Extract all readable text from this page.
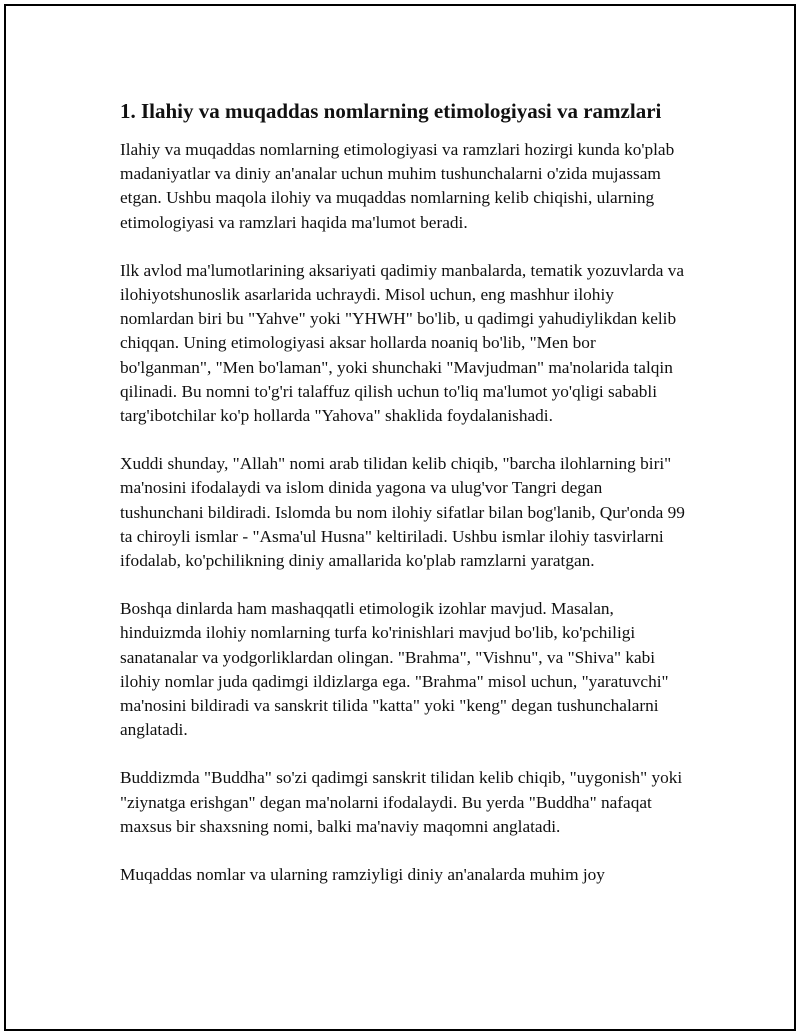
1. Ilahiy va muqaddas nomlarning etimologiyasi va ramzlari

Ilahiy va muqaddas nomlarning etimologiyasi va ramzlari hozirgi kunda ko'plab madaniyatlar va diniy an'analar uchun muhim tushunchalarni o'zida mujassam etgan. Ushbu maqola ilohiy va muqaddas nomlarning kelib chiqishi, ularning etimologiyasi va ramzlari haqida ma'lumot beradi.

Ilk avlod ma'lumotlarining aksariyati qadimiy manbalarda, tematik yozuvlarda va ilohiyotshunoslik asarlarida uchraydi. Misol uchun, eng mashhur ilohiy nomlardan biri bu "Yahve" yoki "YHWH" bo'lib, u qadimgi yahudiylikdan kelib chiqqan. Uning etimologiyasi aksar hollarda noaniq bo'lib, "Men bor bo'lganman", "Men bo'laman", yoki shunchaki "Mavjudman" ma'nolarida talqin qilinadi. Bu nomni to'g'ri talaffuz qilish uchun to'liq ma'lumot yo'qligi sababli targ'ibotchilar ko'p hollarda "Yahova" shaklida foydalanishadi.

Xuddi shunday, "Allah" nomi arab tilidan kelib chiqib, "barcha ilohlarning biri" ma'nosini ifodalaydi va islom dinida yagona va ulug'vor Tangri degan tushunchani bildiradi. Islomda bu nom ilohiy sifatlar bilan bog'lanib, Qur'onda 99 ta chiroyli ismlar - "Asma'ul Husna" keltiriladi. Ushbu ismlar ilohiy tasvirlarni ifodalab, ko'pchilikning diniy amallarida ko'plab ramzlarni yaratgan.

Boshqa dinlarda ham mashaqqatli etimologik izohlar mavjud. Masalan, hinduizmda ilohiy nomlarning turfa ko'rinishlari mavjud bo'lib, ko'pchiligi sanatanalar va yodgorliklardan olingan. "Brahma", "Vishnu", va "Shiva" kabi ilohiy nomlar juda qadimgi ildizlarga ega. "Brahma" misol uchun, "yaratuvchi" ma'nosini bildiradi va sanskrit tilida "katta" yoki "keng" degan tushunchalarni anglatadi.

Buddizmda "Buddha" so'zi qadimgi sanskrit tilidan kelib chiqib, "uygonish" yoki "ziynatga erishgan" degan ma'nolarni ifodalaydi. Bu yerda "Buddha" nafaqat maxsus bir shaxsning nomi, balki ma'naviy maqomni anglatadi.

Muqaddas nomlar va ularning ramziyligi diniy an'analarda muhim joy
